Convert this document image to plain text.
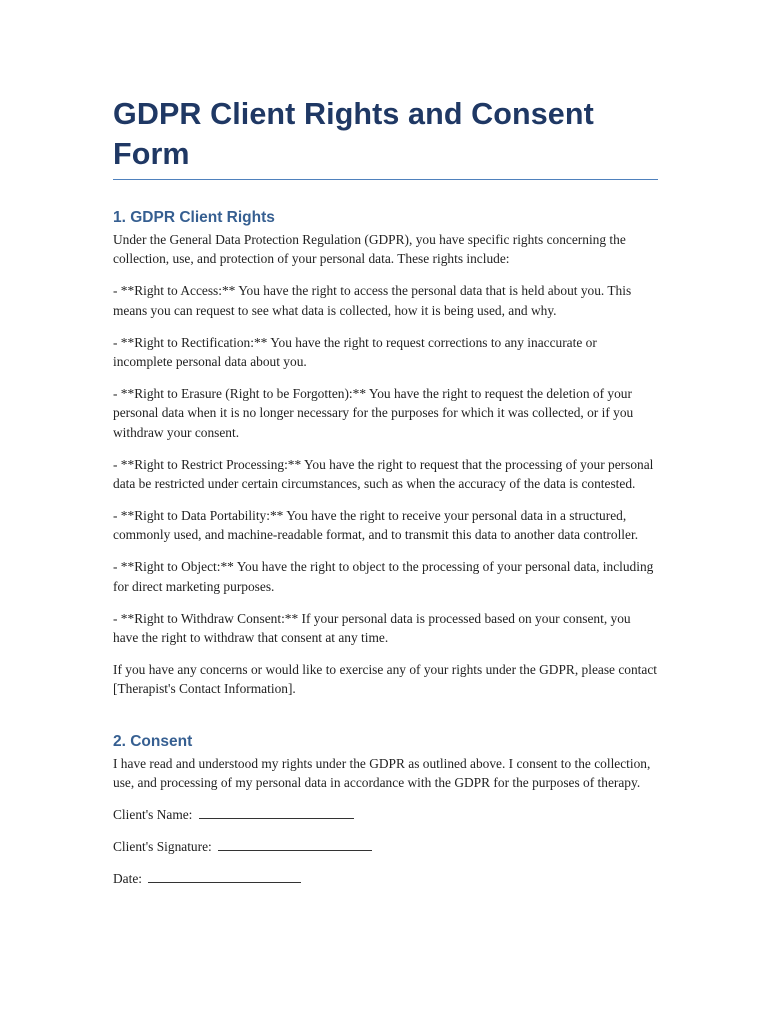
GDPR Client Rights and Consent Form
1. GDPR Client Rights

Under the General Data Protection Regulation (GDPR), you have specific rights concerning the collection, use, and protection of your personal data. These rights include:

- **Right to Access:** You have the right to access the personal data that is held about you. This means you can request to see what data is collected, how it is being used, and why.

- **Right to Rectification:** You have the right to request corrections to any inaccurate or incomplete personal data about you.

- **Right to Erasure (Right to be Forgotten):** You have the right to request the deletion of your personal data when it is no longer necessary for the purposes for which it was collected, or if you withdraw your consent.

- **Right to Restrict Processing:** You have the right to request that the processing of your personal data be restricted under certain circumstances, such as when the accuracy of the data is contested.

- **Right to Data Portability:** You have the right to receive your personal data in a structured, commonly used, and machine-readable format, and to transmit this data to another data controller.

- **Right to Object:** You have the right to object to the processing of your personal data, including for direct marketing purposes.

- **Right to Withdraw Consent:** If your personal data is processed based on your consent, you have the right to withdraw that consent at any time.

If you have any concerns or would like to exercise any of your rights under the GDPR, please contact [Therapist's Contact Information].

2. Consent

I have read and understood my rights under the GDPR as outlined above. I consent to the collection, use, and processing of my personal data in accordance with the GDPR for the purposes of therapy.

Client's Name:

Client's Signature:

Date:
